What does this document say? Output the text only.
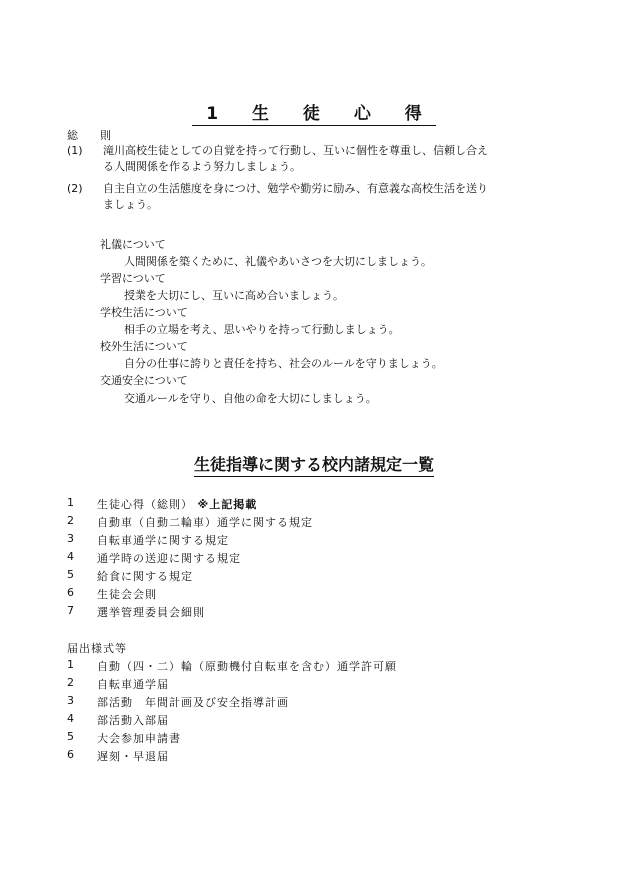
1 生 徒 心 得
総　　則
(1)	滝川高校生徒としての自覚を持って行動し、互いに個性を尊重し、信頼し合え
る人間関係を作るよう努力しましょう。
(2)	自主自立の生活態度を身につけ、勉学や勤労に励み、有意義な高校生活を送り
ましょう。
礼儀について
人間関係を築くために、礼儀やあいさつを大切にしましょう。
学習について
授業を大切にし、互いに高め合いましょう。
学校生活について
相手の立場を考え、思いやりを持って行動しましょう。
校外生活について
自分の仕事に誇りと責任を持ち、社会のルールを守りましょう。
交通安全について
交通ルールを守り、自他の命を大切にしましょう。
生徒指導に関する校内諸規定一覧
1 生徒心得（総則） ※上記掲載
2 自動車（自動二輪車）通学に関する規定
3 自転車通学に関する規定
4 通学時の送迎に関する規定
5 給食に関する規定
6 生徒会会則
7 選挙管理委員会細則
届出様式等
1 自動（四・二）輪（原動機付自転車を含む）通学許可願
2 自転車通学届
3 部活動　年間計画及び安全指導計画
4 部活動入部届
5 大会参加申請書
6 遅刻・早退届
